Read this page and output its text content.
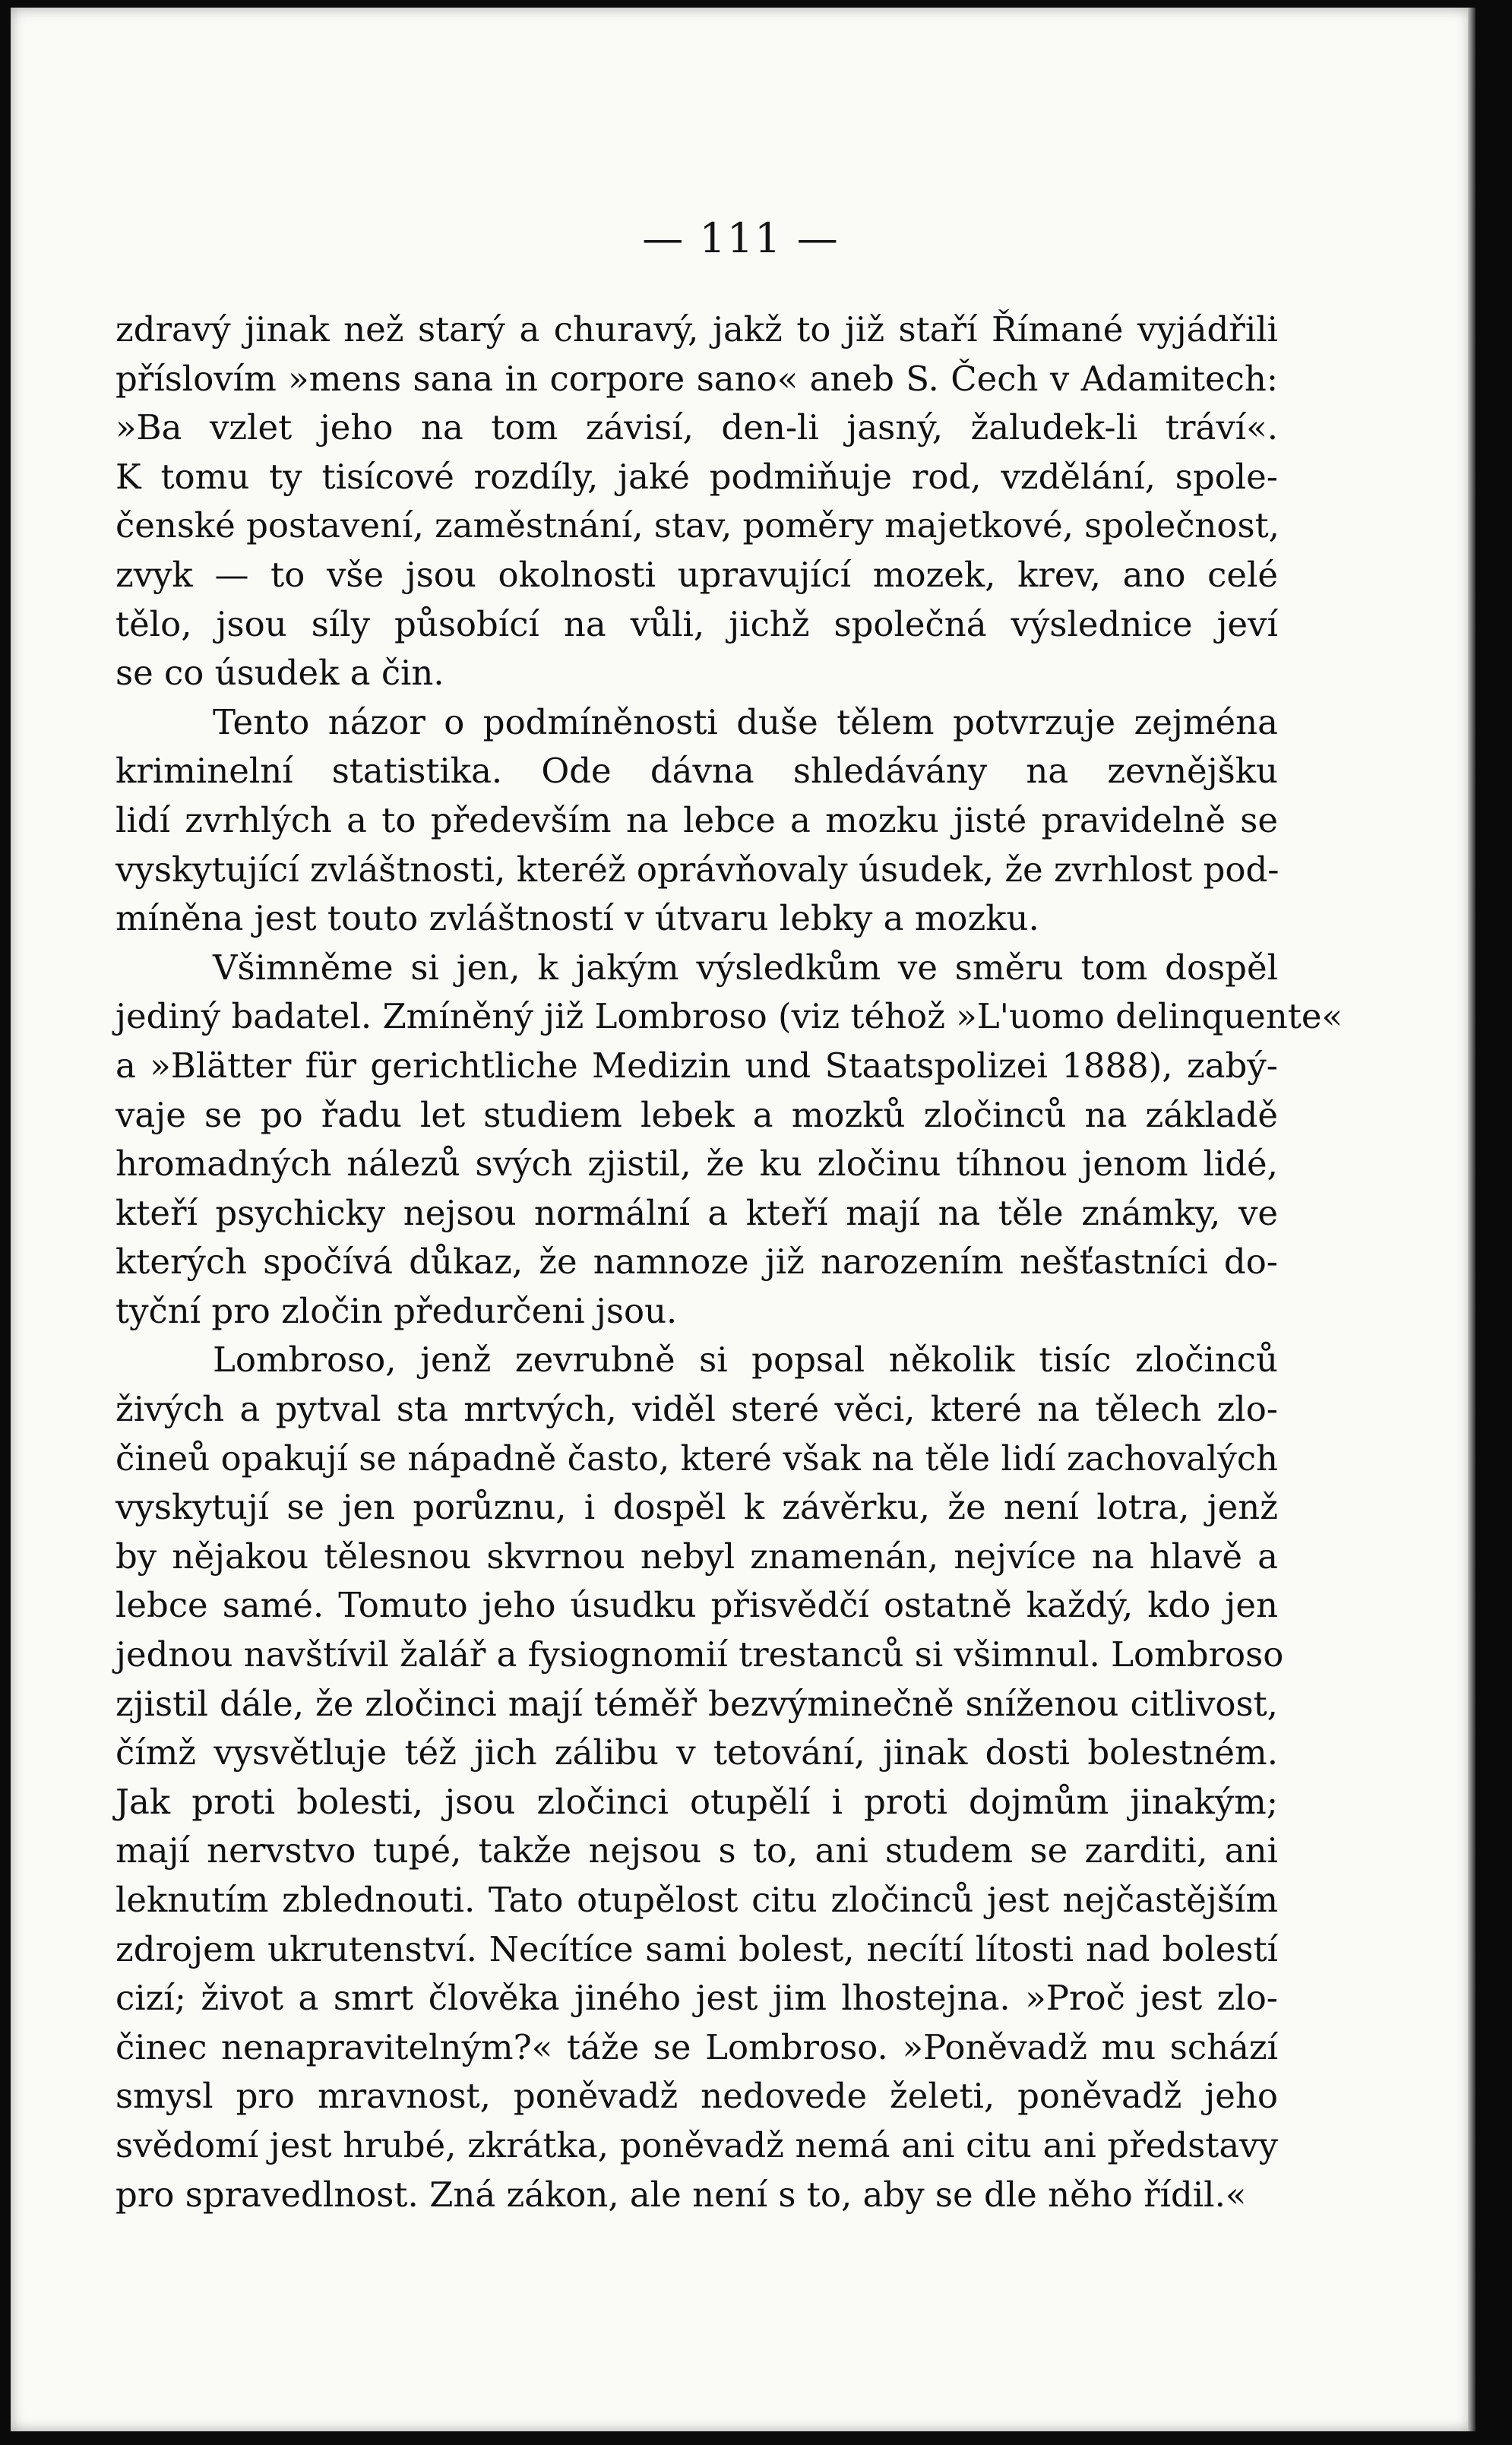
— 111 —
zdravý jinak než starý a churavý, jakž to již staří Římané vyjádřili
příslovím »mens sana in corpore sano« aneb S. Čech v Adamitech:
»Ba vzlet jeho na tom závisí, den-li jasný, žaludek-li tráví«.
K tomu ty tisícové rozdíly, jaké podmiňuje rod, vzdělání, spole-
čenské postavení, zaměstnání, stav, poměry majetkové, společnost,
zvyk — to vše jsou okolnosti upravující mozek, krev, ano celé
tělo, jsou síly působící na vůli, jichž společná výslednice jeví
se co úsudek a čin.
Tento názor o podmíněnosti duše tělem potvrzuje zejména
kriminelní statistika. Ode dávna shledávány na zevnějšku
lidí zvrhlých a to především na lebce a mozku jisté pravidelně se
vyskytující zvláštnosti, kteréž oprávňovaly úsudek, že zvrhlost pod-
míněna jest touto zvláštností v útvaru lebky a mozku.
Všimněme si jen, k jakým výsledkům ve směru tom dospěl
jediný badatel. Zmíněný již Lombroso (viz téhož »L'uomo delinquente«
a »Blätter für gerichtliche Medizin und Staatspolizei 1888), zabý-
vaje se po řadu let studiem lebek a mozků zločinců na základě
hromadných nálezů svých zjistil, že ku zločinu tíhnou jenom lidé,
kteří psychicky nejsou normální a kteří mají na těle známky, ve
kterých spočívá důkaz, že namnoze již narozením nešťastníci do-
tyční pro zločin předurčeni jsou.
Lombroso, jenž zevrubně si popsal několik tisíc zločinců
živých a pytval sta mrtvých, viděl steré věci, které na tělech zlo-
čineů opakují se nápadně často, které však na těle lidí zachovalých
vyskytují se jen porůznu, i dospěl k závěrku, že není lotra, jenž
by nějakou tělesnou skvrnou nebyl znamenán, nejvíce na hlavě a
lebce samé. Tomuto jeho úsudku přisvědčí ostatně každý, kdo jen
jednou navštívil žalář a fysiognomií trestanců si všimnul. Lombroso
zjistil dále, že zločinci mají téměř bezvýminečně sníženou citlivost,
čímž vysvětluje též jich zálibu v tetování, jinak dosti bolestném.
Jak proti bolesti, jsou zločinci otupělí i proti dojmům jinakým;
mají nervstvo tupé, takže nejsou s to, ani studem se zarditi, ani
leknutím zblednouti. Tato otupělost citu zločinců jest nejčastějším
zdrojem ukrutenství. Necítíce sami bolest, necítí lítosti nad bolestí
cizí; život a smrt člověka jiného jest jim lhostejna. »Proč jest zlo-
činec nenapravitelným?« táže se Lombroso. »Poněvadž mu schází
smysl pro mravnost, poněvadž nedovede želeti, poněvadž jeho
svědomí jest hrubé, zkrátka, poněvadž nemá ani citu ani představy
pro spravedlnost. Zná zákon, ale není s to, aby se dle něho řídil.«
